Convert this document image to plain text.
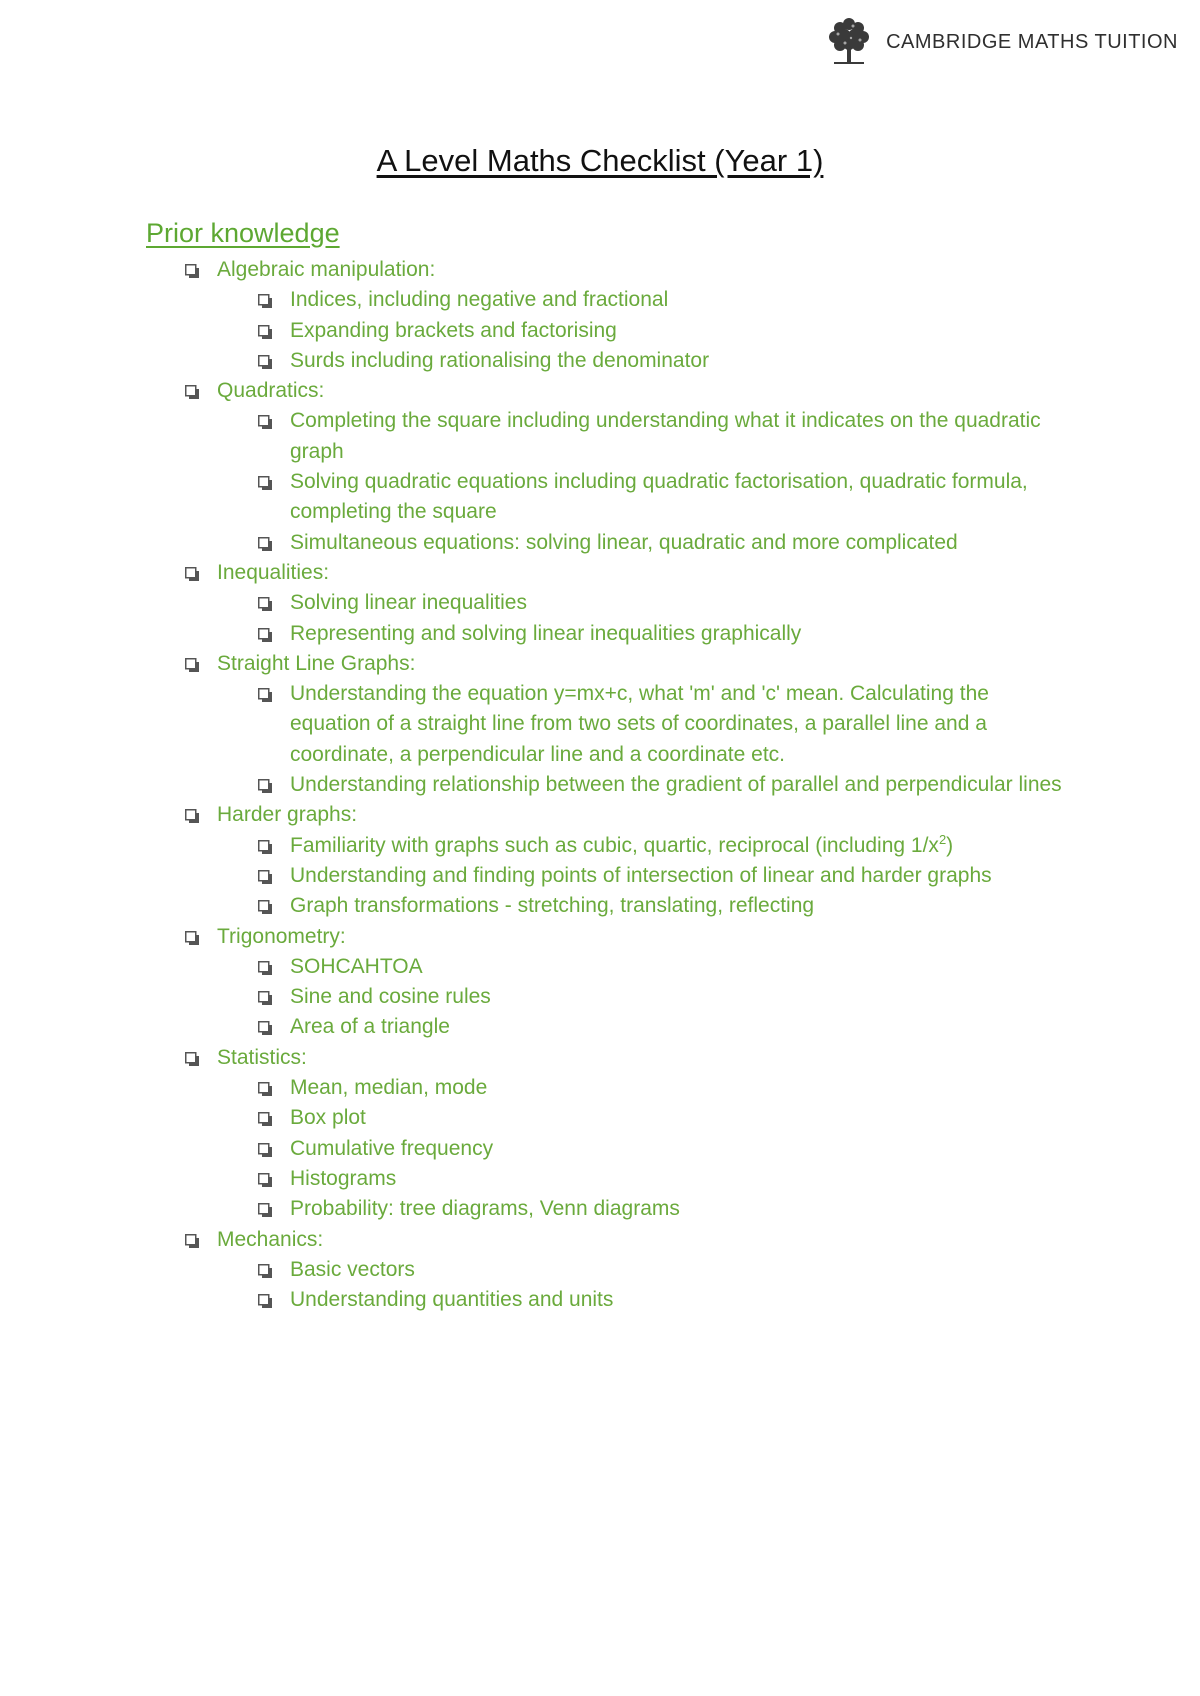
CAMBRIDGE MATHS TUITION
A Level Maths Checklist (Year 1)
Prior knowledge
Algebraic manipulation:
Indices, including negative and fractional
Expanding brackets and factorising
Surds including rationalising the denominator
Quadratics:
Completing the square including understanding what it indicates on the quadratic graph
Solving quadratic equations including quadratic factorisation, quadratic formula, completing the square
Simultaneous equations: solving linear, quadratic and more complicated
Inequalities:
Solving linear inequalities
Representing and solving linear inequalities graphically
Straight Line Graphs:
Understanding the equation y=mx+c, what 'm' and 'c' mean. Calculating the equation of a straight line from two sets of coordinates, a parallel line and a coordinate, a perpendicular line and a coordinate etc.
Understanding relationship between the gradient of parallel and perpendicular lines
Harder graphs:
Familiarity with graphs such as cubic, quartic, reciprocal (including $1/x^2$)
Understanding and finding points of intersection of linear and harder graphs
Graph transformations - stretching, translating, reflecting
Trigonometry:
SOHCAHTOA
Sine and cosine rules
Area of a triangle
Statistics:
Mean, median, mode
Box plot
Cumulative frequency
Histograms
Probability: tree diagrams, Venn diagrams
Mechanics:
Basic vectors
Understanding quantities and units
